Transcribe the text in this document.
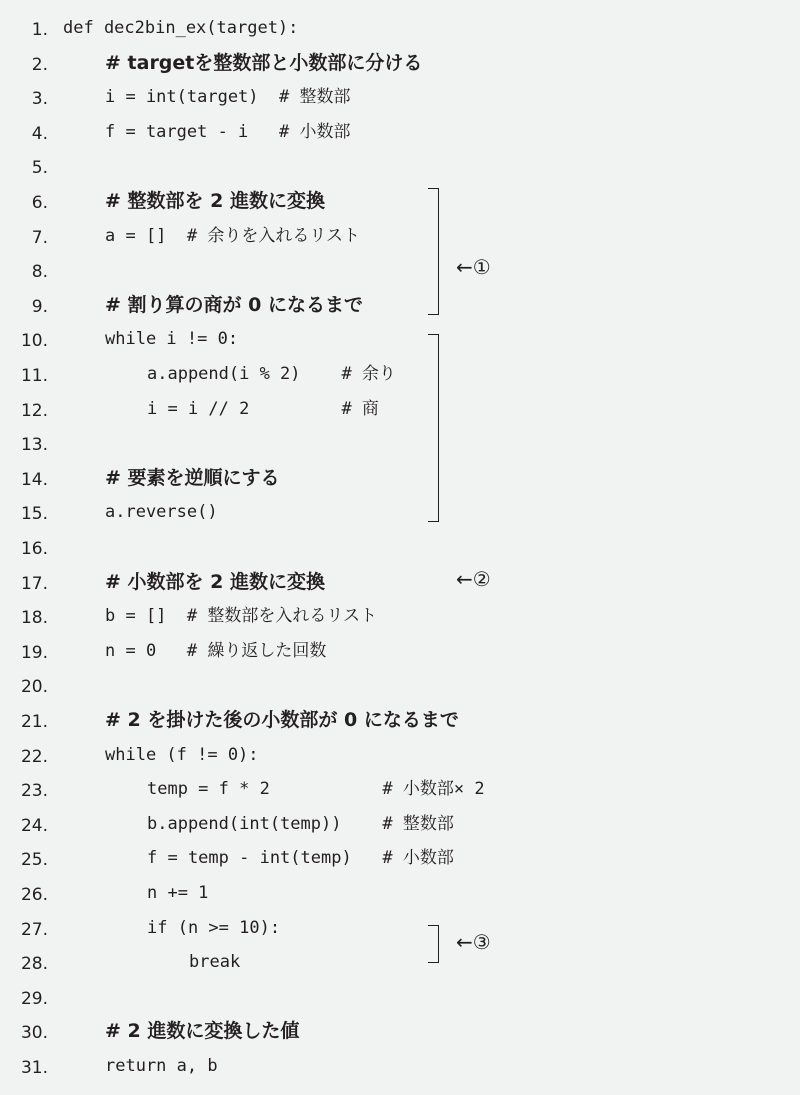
1. def dec2bin_ex(target):
2.	# targetを整数部と小数部に分ける
3.	i = int(target)  # 整数部
4.	f = target - i   # 小数部
5.
6.	# 整数部を 2 進数に変換
7.	a = []  # 余りを入れるリスト
8.
9.	# 割り算の商が 0 になるまで
10.	while i != 0:
11.	a.append(i % 2)    # 余り
12.	i = i // 2         # 商
13.
14.	# 要素を逆順にする
15.	a.reverse()
16.
17.	# 小数部を 2 進数に変換
18.	b = []  # 整数部を入れるリスト
19.	n = 0   # 繰り返した回数
20.
21.	# 2 を掛けた後の小数部が 0 になるまで
22.	while (f != 0):
23.	temp = f * 2           # 小数部× 2
24.	b.append(int(temp))    # 整数部
25.	f = temp - int(temp)   # 小数部
26.	n += 1
27.	if (n >= 10):
28.	break
29.
30.	# 2 進数に変換した値
31.	return a, b
←①
←②
←③
